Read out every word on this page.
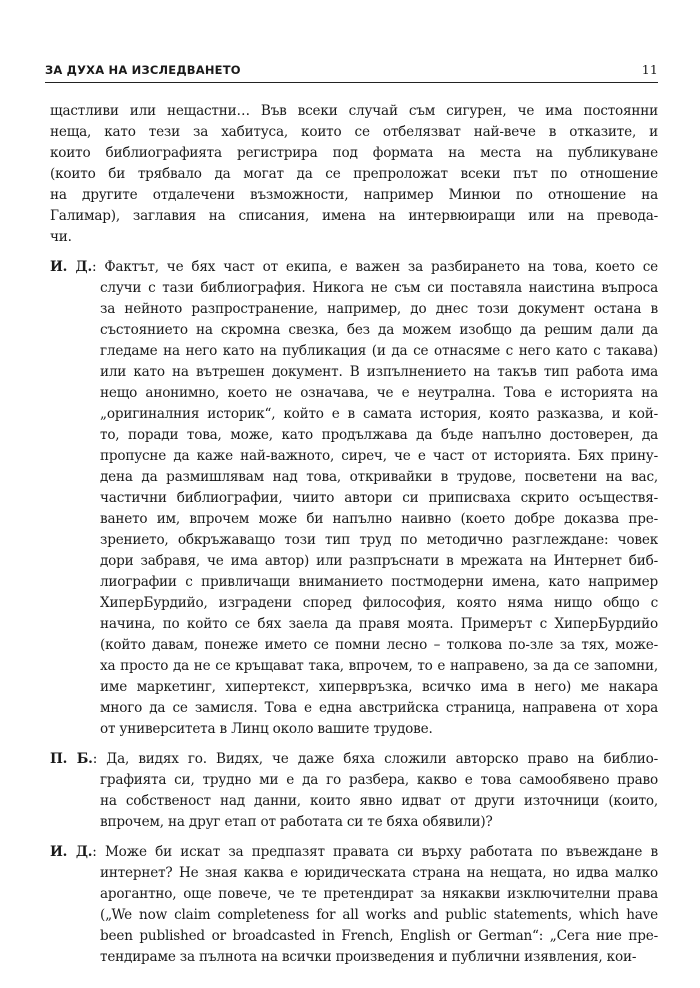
ЗА ДУХА НА ИЗСЛЕДВАНЕТО	11
щастливи или нещастни… Във всеки случай съм сигурен, че има постоянни
неща, като тези за хабитуса, които се отбелязват най-вече в отказите, и
които библиографията регистрира под формата на места на публикуване
(които би трябвало да могат да се препроложат всеки път по отношение
на другите отдалечени възможности, например Минюи по отношение на
Галимар), заглавия на списания, имена на интервюиращи или на преводa-
чи.
И. Д.: Фактът, че бях част от екипа, е важен за разбирането на това, което се
случи с тази библиография. Никога не съм си поставяла наистина въпроса
за нейното разпространение, например, до днес този документ остана в
състоянието на скромна свезка, без да можем изобщо да решим дали да
гледаме на него като на публикация (и да се отнасяме с него като с такава)
или като на вътрешен документ. В изпълнението на такъв тип работа има
нещо анонимно, което не означава, че е неутрална. Това е историята на
„оригиналния историк“, който е в самата история, която разказва, и кой-
то, поради това, може, като продължава да бъде напълно достоверен, да
пропусне да каже най-важното, сиреч, че е част от историята. Бях прину-
дена да размишлявам над това, откривайки в трудове, посветени на вас,
частични библиографии, чиито автори си приписваха скрито осъществя-
ването им, впрочем може би напълно наивно (което добре доказва пре-
зрението, обкръжаващо този тип труд по методично разглеждане: човек
дори забравя, че има автор) или разпръснати в мрежата на Интернет биб-
лиографии с привличащи вниманието постмодерни имена, като например
ХиперБурдийо, изградени според философия, която няма нищо общо с
начина, по който се бях заела да правя моята. Примерът с ХиперБурдийо
(който давам, понеже името се помни лесно – толкова по-зле за тях, може-
ха просто да не се кръщават така, впрочем, то е направено, за да се запомни,
име маркетинг, хипертекст, хипервръзка, всичко има в него) ме накара
много да се замисля. Това е една австрийска страница, направена от хора
от университета в Линц около вашите трудове.
П. Б.: Да, видях го. Видях, че даже бяха сложили авторско право на библио-
графията си, трудно ми е да го разбера, какво е това самообявено право
на собственост над данни, които явно идват от други източници (които,
впрочем, на друг етап от работата си те бяха обявили)?
И. Д.: Може би искат за предпазят правата си върху работата по въвеждане в
интернет? Не зная каква е юридическата страна на нещата, но идва малко
арогантно, още повече, че те претендират за някакви изключителни права
(„We now claim completeness for all works and public statements, which have
been published or broadcasted in French, English or German“: „Сега ние пре-
тендираме за пълнота на всички произведения и публични изявления, кои-
